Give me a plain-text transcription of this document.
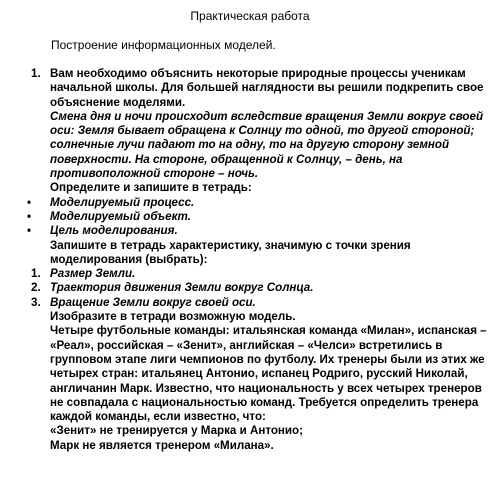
Практическая работа
Построение информационных моделей.
1. Вам необходимо объяснить некоторые природные процессы ученикам начальной школы. Для большей наглядности вы решили подкрепить свое объяснение моделями.
Смена дня и ночи происходит вследствие вращения Земли вокруг своей оси: Земля бывает обращена к Солнцу то одной, то другой стороной; солнечные лучи падают то на одну, то на другую сторону земной поверхности. На стороне, обращенной к Солнцу, – день, на противоположной стороне – ночь.
Определите и запишите в тетрадь:
•	Моделируемый процесс.
•	Моделируемый объект.
•	Цель моделирования.
Запишите в тетрадь характеристику, значимую с точки зрения моделирования (выбрать):
1. Размер Земли.
2. Траектория движения Земли вокруг Солнца.
3. Вращение Земли вокруг своей оси.
Изобразите в тетради возможную модель.
Четыре футбольные команды: итальянская команда «Милан», испанская – «Реал», российская – «Зенит», английская – «Челси» встретились в групповом этапе лиги чемпионов по футболу. Их тренеры были из этих же четырех стран: итальянец Антонио, испанец Родриго, русский Николай, англичанин Марк. Известно, что национальность у всех четырех тренеров не совпадала с национальностью команд. Требуется определить тренера каждой команды, если известно, что:
«Зенит» не тренируется у Марка и Антонио;
Марк не является тренером «Милана».
